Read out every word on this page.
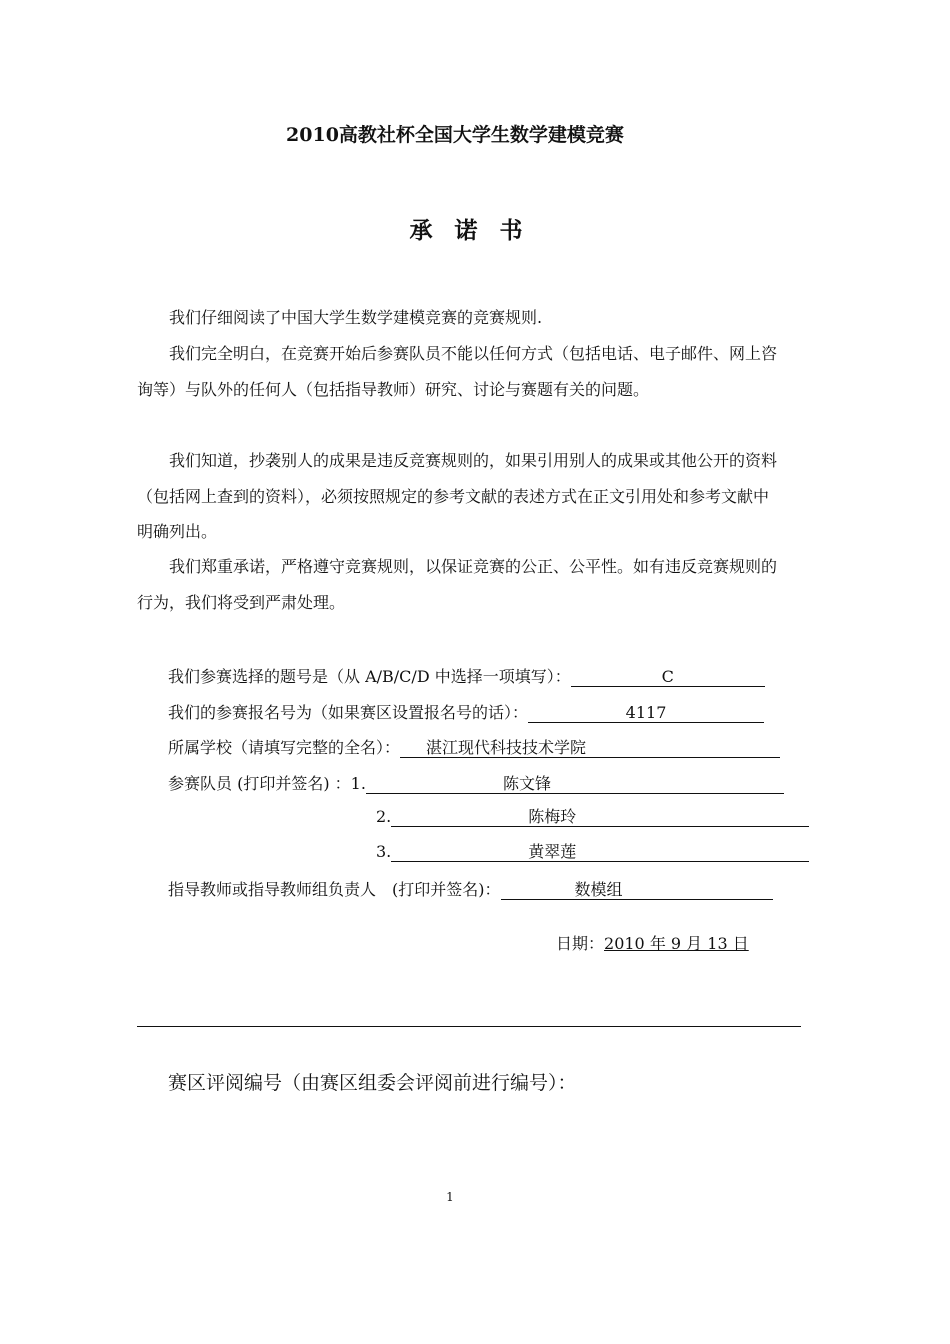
2010高教社杯全国大学生数学建模竞赛
承诺书
我们仔细阅读了中国大学生数学建模竞赛的竞赛规则.
我们完全明白，在竞赛开始后参赛队员不能以任何方式（包括电话、电子邮件、网上咨询等）与队外的任何人（包括指导教师）研究、讨论与赛题有关的问题。
我们知道，抄袭别人的成果是违反竞赛规则的，如果引用别人的成果或其他公开的资料（包括网上查到的资料），必须按照规定的参考文献的表述方式在正文引用处和参考文献中明确列出。
我们郑重承诺，严格遵守竞赛规则，以保证竞赛的公正、公平性。如有违反竞赛规则的行为，我们将受到严肃处理。
我们参赛选择的题号是（从 A/B/C/D 中选择一项填写）：	C
我们的参赛报名号为（如果赛区设置报名号的话）：	4117
所属学校（请填写完整的全名）： 湛江现代科技技术学院
参赛队员 (打印并签名) ：1.	陈文锋
2.	陈梅玲
3.	黄翠莲
指导教师或指导教师组负责人　(打印并签名)：	数模组
日期：2010 年 9 月 13 日
赛区评阅编号（由赛区组委会评阅前进行编号）：
1
